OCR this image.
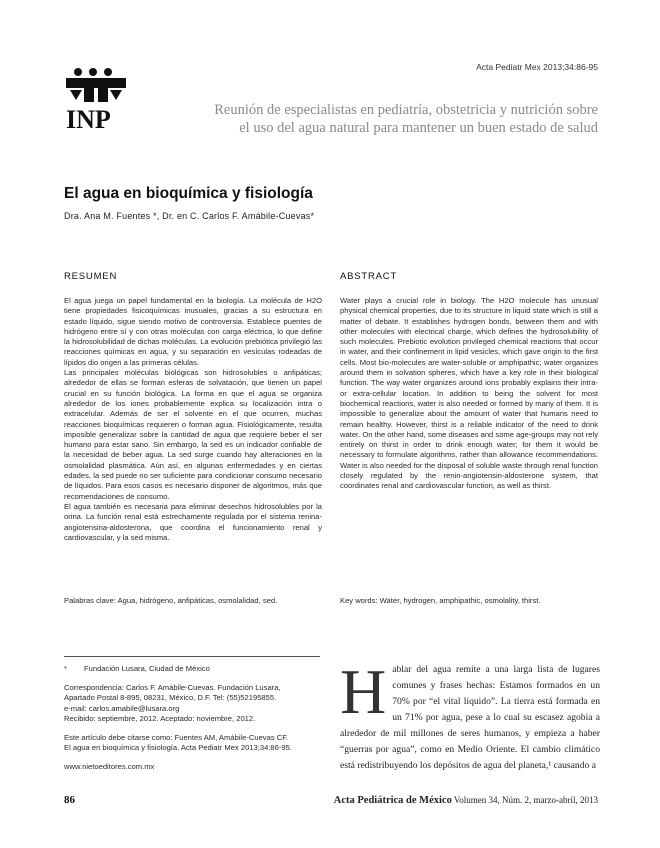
INP
Acta Pediatr Mex 2013;34:86-95
Reunión de especialistas en pediatría, obstetricia y nutrición sobre
el uso del agua natural para mantener un buen estado de salud
El agua en bioquímica y fisiología
Dra. Ana M. Fuentes *, Dr. en C. Carlos F. Amábile-Cuevas*
RESUMEN	ABSTRACT

El agua juega un papel fundamental en la biología. La molécula de H2O tiene propiedades fisicoquímicas inusuales, gracias a su estructura en estado líquido, sigue siendo motivo de controversia. Establece puentes de hidrógeno entre sí y con otras moléculas con carga eléctrica, lo que define la hidrosolubilidad de dichas moléculas. La evolución prebiótica privilegió las reacciones químicas en agua, y su separación en vesículas rodeadas de lípidos dio origen a las primeras células.

Las principales moléculas biológicas son hidrosolubles o anfipáticas; alrededor de ellas se forman esferas de solvatación, que tienen un papel crucial en su función biológica. La forma en que el agua se organiza alrededor de los iones probablemente explica su localización intra o extracelular. Además de ser el solvente en el que ocurren, muchas reacciones bioquímicas requieren o forman agua. Fisiológicamente, resulta imposible generalizar sobre la cantidad de agua que requiere beber el ser humano para estar sano. Sin embargo, la sed es un indicador confiable de la necesidad de beber agua. La sed surge cuando hay alteraciones en la osmolalidad plasmática. Aún así, en algunas enfermedades y en ciertas edades, la sed puede no ser suficiente para condicionar consumo necesario de líquidos. Para esos casos es necesario disponer de algoritmos, más que recomendaciones de consumo.

El agua también es necesaria para eliminar desechos hidrosolubles por la orina. La función renal está estrechamente regulada por el sistema renina-angiotensina-aldosterona, que coordina el funcionamiento renal y cardiovascular, y la sed misma.

Water plays a crucial role in biology. The H2O molecule has unusual physical chemical properties, due to its structure in liquid state which is still a matter of debate. It establishes hydrogen bonds, between them and with other molecules with electrical charge, which defines the hydrosolubility of such molecules. Prebiotic evolution privileged chemical reactions that occur in water, and their confinement in lipid vesicles, which gave origin to the first cells. Most bio-molecules are water-soluble or amphipathic; water organizes around them in solvation spheres, which have a key role in their biological function. The way water organizes around ions probably explains their intra- or extra-cellular location. In addition to being the solvent for most biochemical reactions, water is also needed or formed by many of them. It is impossible to generalize about the amount of water that humans need to remain healthy. However, thirst is a reliable indicator of the need to drink water. On the other hand, some diseases and some age-groups may not rely entirely on thirst in order to drink enough water; for them it would be necessary to formulate algorithms, rather than allowance recommendations. Water is also needed for the disposal of soluble waste through renal function closely regulated by the renin-angiotensin-aldosterone system, that coordinates renal and cardiovascular function, as well as thirst.

Palabras clave: Agua, hidrógeno, anfipáticas, osmolalidad, sed.	Key words: Water, hydrogen, amphipathic, osmolality, thirst.
* Fundación Lusara, Ciudad de México
Correspondencia: Carlos F. Amábile-Cuevas. Fundación Lusara,
Apartado Postal 8-895, 08231, México, D.F. Tel: (55)52195855.
e-mail: carlos.amabile@lusara.org
Recibido: septiembre, 2012. Aceptado: noviembre, 2012.
Este artículo debe citarse como: Fuentes AM, Amábile-Cuevas CF.
El agua en bioquímica y fisiología. Acta Pediatr Mex 2013;34:86-95.
www.nietoeditores.com.mx
Hablar del agua remite a una larga lista de lugares comunes y frases hechas: Estamos formados en un 70% por “el vital líquido”. La tierra está formada en un 71% por agua, pese a lo cual su escasez agobia a alrededor de mil millones de seres humanos, y empieza a haber “guerras por agua”, como en Medio Oriente. El cambio climático está redistribuyendo los depósitos de agua del planeta,¹ causando a
86	Acta Pediátrica de México Volumen 34, Núm. 2, marzo-abril, 2013
